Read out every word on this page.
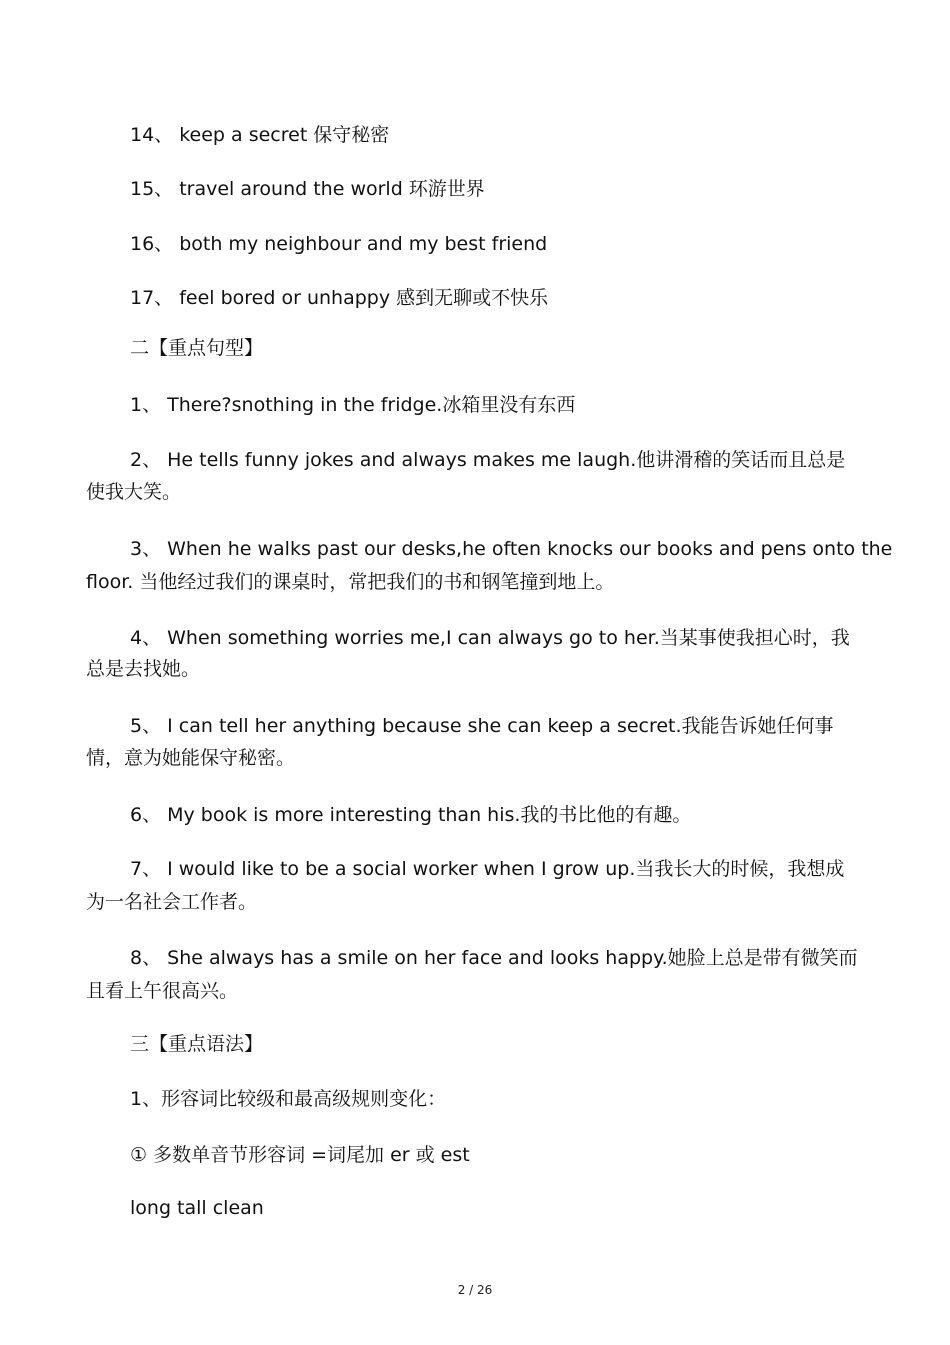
14、 keep a secret 保守秘密

15、 travel around the world 环游世界

16、 both my neighbour and my best friend

17、 feel bored or unhappy 感到无聊或不快乐

二【重点句型】

1、 There?snothing in the fridge.冰箱里没有东西

2、 He tells funny jokes and always makes me laugh.他讲滑稽的笑话而且总是

使我大笑。

3、 When he walks past our desks,he often knocks our books and pens onto the

floor. 当他经过我们的课桌时，常把我们的书和钢笔撞到地上。

4、 When something worries me,I can always go to her.当某事使我担心时，我

总是去找她。

5、 I can tell her anything because she can keep a secret.我能告诉她任何事

情，意为她能保守秘密。

6、 My book is more interesting than his.我的书比他的有趣。

7、 I would like to be a social worker when I grow up.当我长大的时候，我想成

为一名社会工作者。

8、 She always has a smile on her face and looks happy.她脸上总是带有微笑而

且看上午很高兴。

三【重点语法】

1、形容词比较级和最高级规则变化：

① 多数单音节形容词 =词尾加 er 或 est

long tall clean

2 / 26
